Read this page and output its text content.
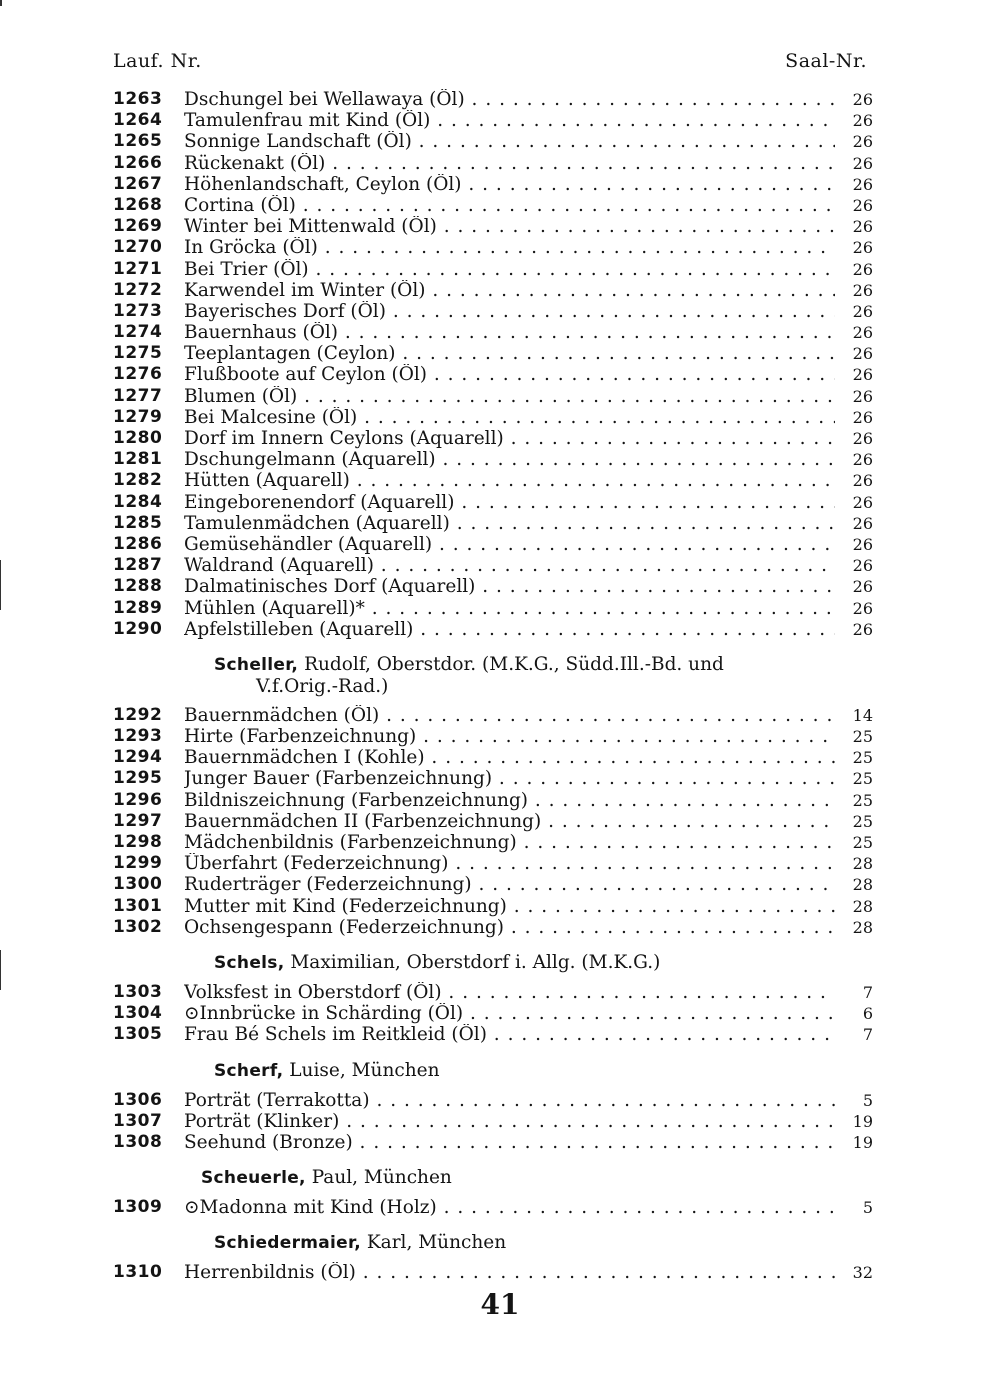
Lauf. Nr.	Saal-Nr.
1263	Dschungel bei Wellawaya (Öl) . . .	26
1264	Tamulenfrau mit Kind (Öl) . . .	26
1265	Sonnige Landschaft (Öl) . . .	26
1266	Rückenakt (Öl) . . .	26
1267	Höhenlandschaft, Ceylon (Öl) . . .	26
1268	Cortina (Öl) . . .	26
1269	Winter bei Mittenwald (Öl) . . .	26
1270	In Gröcka (Öl) . . .	26
1271	Bei Trier (Öl) . . .	26
1272	Karwendel im Winter (Öl) . . .	26
1273	Bayerisches Dorf (Öl) . . .	26
1274	Bauernhaus (Öl) . . .	26
1275	Teeplantagen (Ceylon) . . .	26
1276	Flußboote auf Ceylon (Öl) . . .	26
1277	Blumen (Öl) . . .	26
1279	Bei Malcesine (Öl) . . .	26
1280	Dorf im Innern Ceylons (Aquarell) . . .	26
1281	Dschungelmann (Aquarell) . . .	26
1282	Hütten (Aquarell) . . .	26
1284	Eingeborenendorf (Aquarell) . . .	26
1285	Tamulenmädchen (Aquarell) . . .	26
1286	Gemüsehändler (Aquarell) . . .	26
1287	Waldrand (Aquarell) . . .	26
1288	Dalmatinisches Dorf (Aquarell) . . .	26
1289	Mühlen (Aquarell)* . . .	26
1290	Apfelstilleben (Aquarell) . . .	26
Scheller, Rudolf, Oberstdor. (M.K.G., Südd.Ill.-Bd. und
V.f.Orig.-Rad.)
1292	Bauernmädchen (Öl) . . .	14
1293	Hirte (Farbenzeichnung) . . .	25
1294	Bauernmädchen I (Kohle) . . .	25
1295	Junger Bauer (Farbenzeichnung) . . .	25
1296	Bildniszeichnung (Farbenzeichnung) . . .	25
1297	Bauernmädchen II (Farbenzeichnung) . . .	25
1298	Mädchenbildnis (Farbenzeichnung) . . .	25
1299	Überfahrt (Federzeichnung) . . .	28
1300	Ruderträger (Federzeichnung) . . .	28
1301	Mutter mit Kind (Federzeichnung) . . .	28
1302	Ochsengespann (Federzeichnung) . . .	28
Schels, Maximilian, Oberstdorf i. Allg. (M.K.G.)
1303	Volksfest in Oberstdorf (Öl) . . .	7
1304	⊙Innbrücke in Schärding (Öl) . . .	6
1305	Frau Bé Schels im Reitkleid (Öl) . . .	7
Scherf, Luise, München
1306	Porträt (Terrakotta) . . .	5
1307	Porträt (Klinker) . . .	19
1308	Seehund (Bronze) . . .	19
Scheuerle, Paul, München
1309	⊙Madonna mit Kind (Holz) . . .	5
Schiedermaier, Karl, München
1310	Herrenbildnis (Öl) . . .	32
41
